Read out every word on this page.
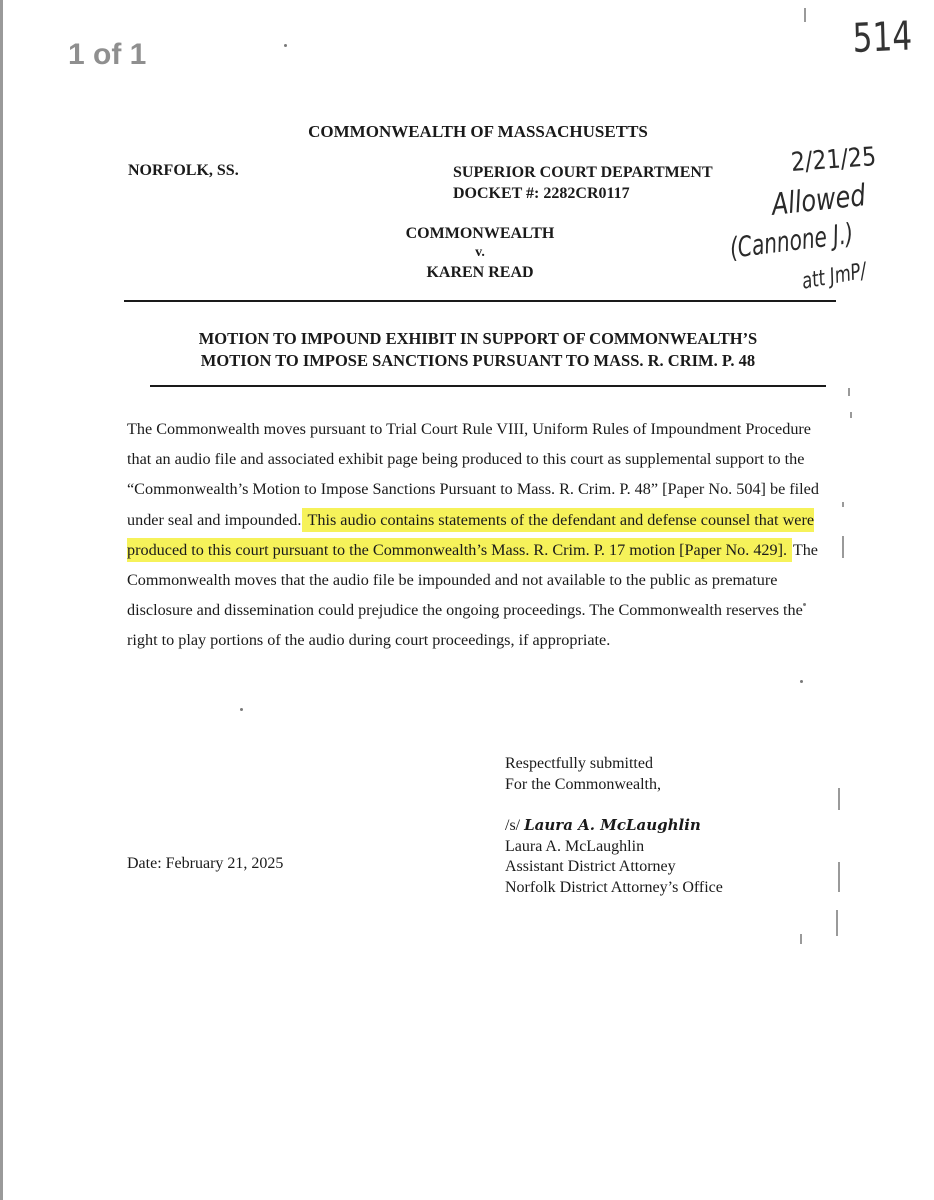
1 of 1	514
COMMONWEALTH OF MASSACHUSETTS
NORFOLK, SS.	SUPERIOR COURT DEPARTMENT
DOCKET #: 2282CR0117
COMMONWEALTH
v.
KAREN READ
2/21/25
Allowed
(Cannone J.)
att JmP/
MOTION TO IMPOUND EXHIBIT IN SUPPORT OF COMMONWEALTH’S
MOTION TO IMPOSE SANCTIONS PURSUANT TO MASS. R. CRIM. P. 48
The Commonwealth moves pursuant to Trial Court Rule VIII, Uniform Rules of Impoundment Procedure that an audio file and associated exhibit page being produced to this court as supplemental support to the “Commonwealth’s Motion to Impose Sanctions Pursuant to Mass. R. Crim. P. 48” [Paper No. 504] be filed under seal and impounded. This audio contains statements of the defendant and defense counsel that were produced to this court pursuant to the Commonwealth’s Mass. R. Crim. P. 17 motion [Paper No. 429]. The Commonwealth moves that the audio file be impounded and not available to the public as premature disclosure and dissemination could prejudice the ongoing proceedings. The Commonwealth reserves the right to play portions of the audio during court proceedings, if appropriate.
Respectfully submitted
For the Commonwealth,
/s/ Laura A. McLaughlin
Laura A. McLaughlin
Assistant District Attorney
Norfolk District Attorney’s Office
Date: February 21, 2025
